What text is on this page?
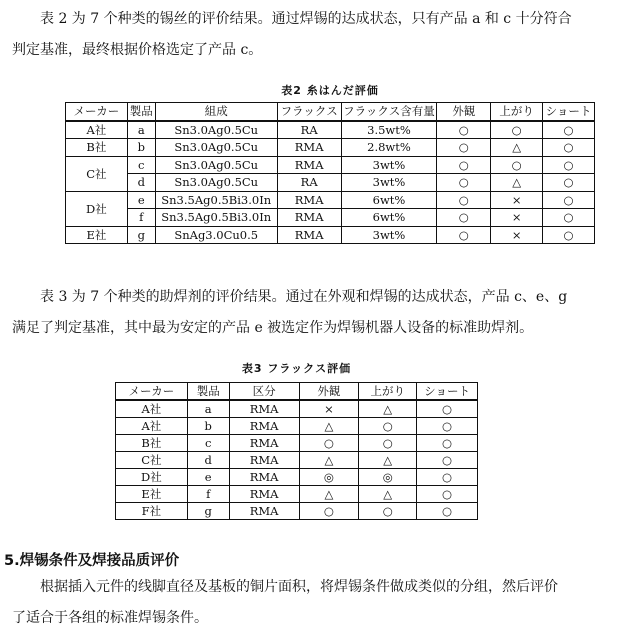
表 2 为 7 个种类的锡丝的评价结果。通过焊锡的达成状态，只有产品 a 和 c 十分符合
判定基准，最终根据价格选定了产品 c。

表2 糸はんだ評価
メーカー	製品	組成	フラックス	フラックス含有量	外観	上がり	ショート
A社	a	Sn3.0Ag0.5Cu	RA	3.5wt%	○	○	○
B社	b	Sn3.0Ag0.5Cu	RMA	2.8wt%	○	△	○
C社	c	Sn3.0Ag0.5Cu	RMA	3wt%	○	○	○
	d	Sn3.0Ag0.5Cu	RA	3wt%	○	△	○
D社	e	Sn3.5Ag0.5Bi3.0In	RMA	6wt%	○	×	○
	f	Sn3.5Ag0.5Bi3.0In	RMA	6wt%	○	×	○
E社	g	SnAg3.0Cu0.5	RMA	3wt%	○	×	○

表 3 为 7 个种类的助焊剂的评价结果。通过在外观和焊锡的达成状态，产品 c、e、g
满足了判定基准，其中最为安定的产品 e 被选定作为焊锡机器人设备的标准助焊剂。

表3 フラックス評価
メーカー	製品	区分	外観	上がり	ショート
A社	a	RMA	×	△	○
A社	b	RMA	△	○	○
B社	c	RMA	○	○	○
C社	d	RMA	△	△	○
D社	e	RMA	◎	◎	○
E社	f	RMA	△	△	○
F社	g	RMA	○	○	○
5.焊锡条件及焊接品质评价

根据插入元件的线脚直径及基板的铜片面积，将焊锡条件做成类似的分组，然后评价
了适合于各组的标准焊锡条件。
